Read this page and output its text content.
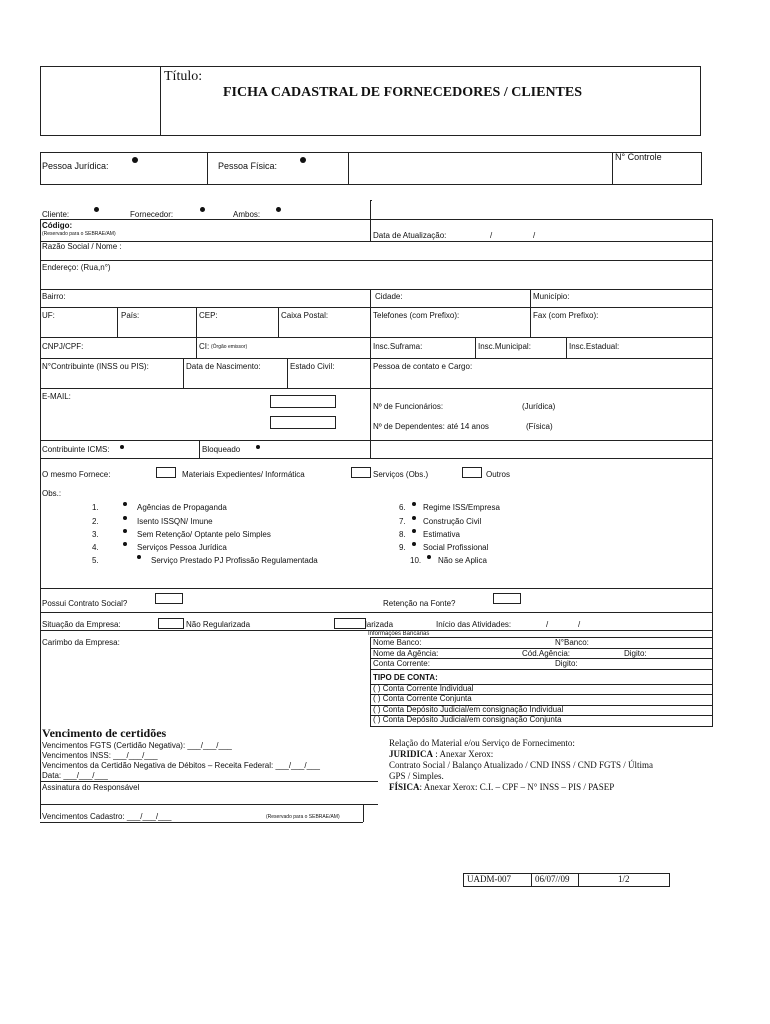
Título:
FICHA CADASTRAL DE FORNECEDORES / CLIENTES
Pessoa Jurídica:	Pessoa Física:
N° Controle
Cliente:	Fornecedor:	Ambos:
Código:
(Reservado para o SEBRAE/AM)	Data de Atualização:	/	/
Razão Social / Nome :
Endereço: (Rua,n°)
Bairro:	Cidade:	Município:
UF:	País:	CEP:	Caixa Postal:	Telefones (com Prefixo):	Fax (com Prefixo):
CNPJ/CPF:	CI: (Órgão emissor)	Insc.Suframa:	Insc.Municipal:	Insc.Estadual:
N°Contribuinte (INSS ou PIS):	Data de Nascimento:	Estado Civil:	Pessoa de contato e Cargo:
E-MAIL:
Nº de Funcionários:	(Jurídica)
Nº de Dependentes: até 14 anos	(Física)
Contribuinte ICMS:	Bloqueado
O mesmo Fornece:	Materiais Expedientes/ Informática	Serviços (Obs.)	Outros
Obs.:
1.	Agências de Propaganda
2.	Isento ISSQN/ Imune
3.	Sem Retenção/ Optante pelo Simples
4.	Serviços Pessoa Jurídica
5.	Serviço Prestado PJ Profissão Regulamentada
6. Regime ISS/Empresa
7. Construção Civil
8. Estimativa
9. Social Profissional
10. Não se Aplica
Possui Contrato Social?	Retenção na Fonte?
Situação da Empresa:	Não Regularizada	larizada	Início das Atividades:	/	/
Informações Bancárias
Carimbo da Empresa:	Nome Banco:	N°Banco:
Nome da Agência:	Cód.Agência:	Digito:
Conta Corrente:	Digito:
TIPO DE CONTA:
( ) Conta Corrente Individual
( ) Conta Corrente Conjunta
( ) Conta Depósito Judicial/em consignação Individual
( ) Conta Depósito Judicial/em consignação Conjunta
Vencimento de certidões
Vencimentos FGTS (Certidão Negativa): ___/___/___
Vencimentos INSS: ___/___/___
Vencimentos da Certidão Negativa de Débitos – Receita Federal: ___/___/___
Data: ___/___/___
Assinatura do Responsável
Vencimentos Cadastro: ___/___/___	(Reservado para o SEBRAE/AM)
Relação do Material e/ou Serviço de Fornecimento:
JURIDICA : Anexar Xerox:
Contrato Social / Balanço Atualizado / CND INSS / CND FGTS / Última
GPS / Simples.
FÍSICA: Anexar Xerox: C.I. – CPF – N° INSS – PIS / PASEP
UADM-007	06/07//09	1/2
